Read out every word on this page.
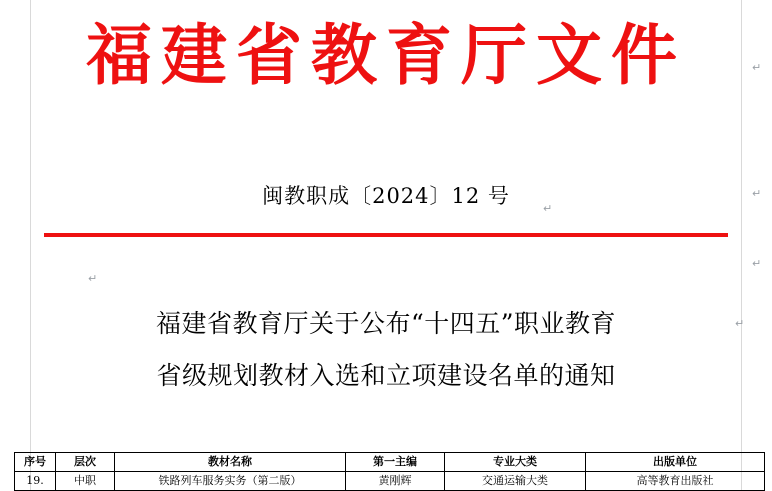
福建省教育厅文件
闽教职成〔2024〕12 号
福建省教育厅关于公布“十四五”职业教育
省级规划教材入选和立项建设名单的通知
↵
↵
↵
↵
↵
↵
序号	层次	教材名称	第一主编	专业大类	出版单位
19.	中职	铁路列车服务实务（第二版）	黄刚辉	交通运输大类	高等教育出版社
